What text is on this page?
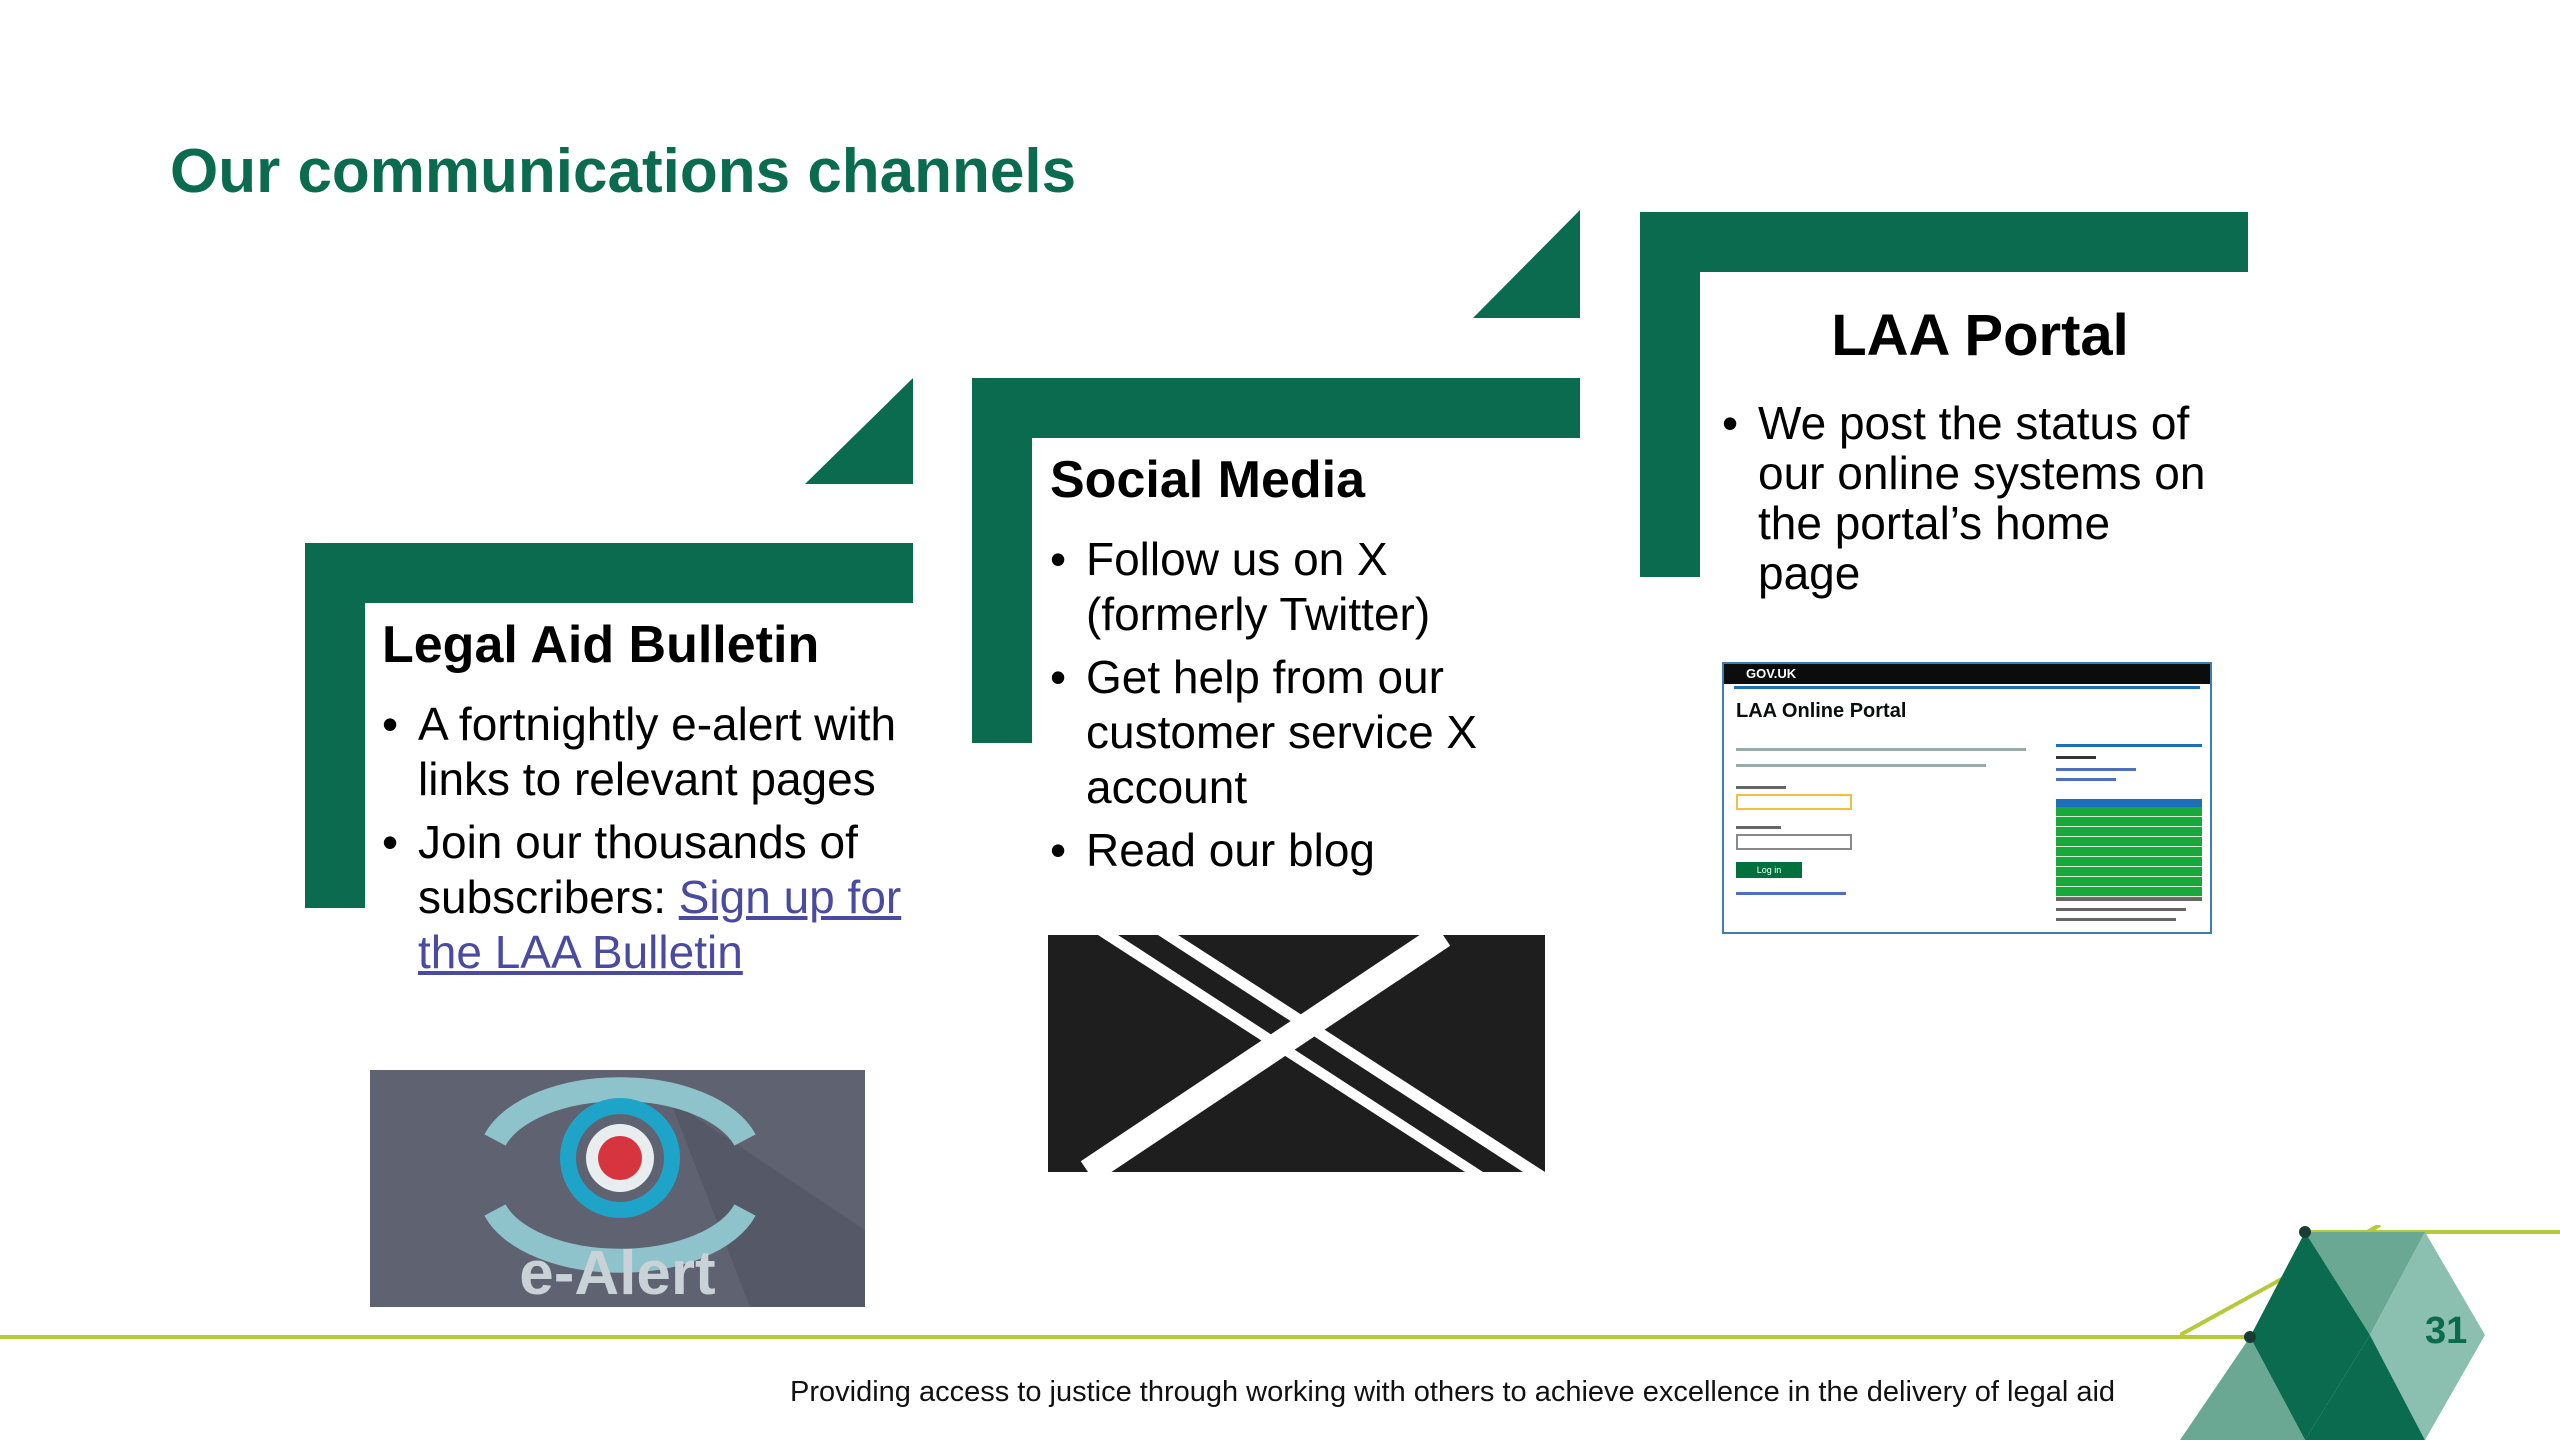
Our communications channels
Legal Aid Bulletin
• A fortnightly e-alert with links to relevant pages
• Join our thousands of subscribers: Sign up for the LAA Bulletin
e-Alert
Social Media
• Follow us on X (formerly Twitter)
• Get help from our customer service X account
• Read our blog
LAA Portal
• We post the status of our online systems on the portal’s home page
GOV.UK
LAA Online Portal
Log in
31
Providing access to justice through working with others to achieve excellence in the delivery of legal aid
